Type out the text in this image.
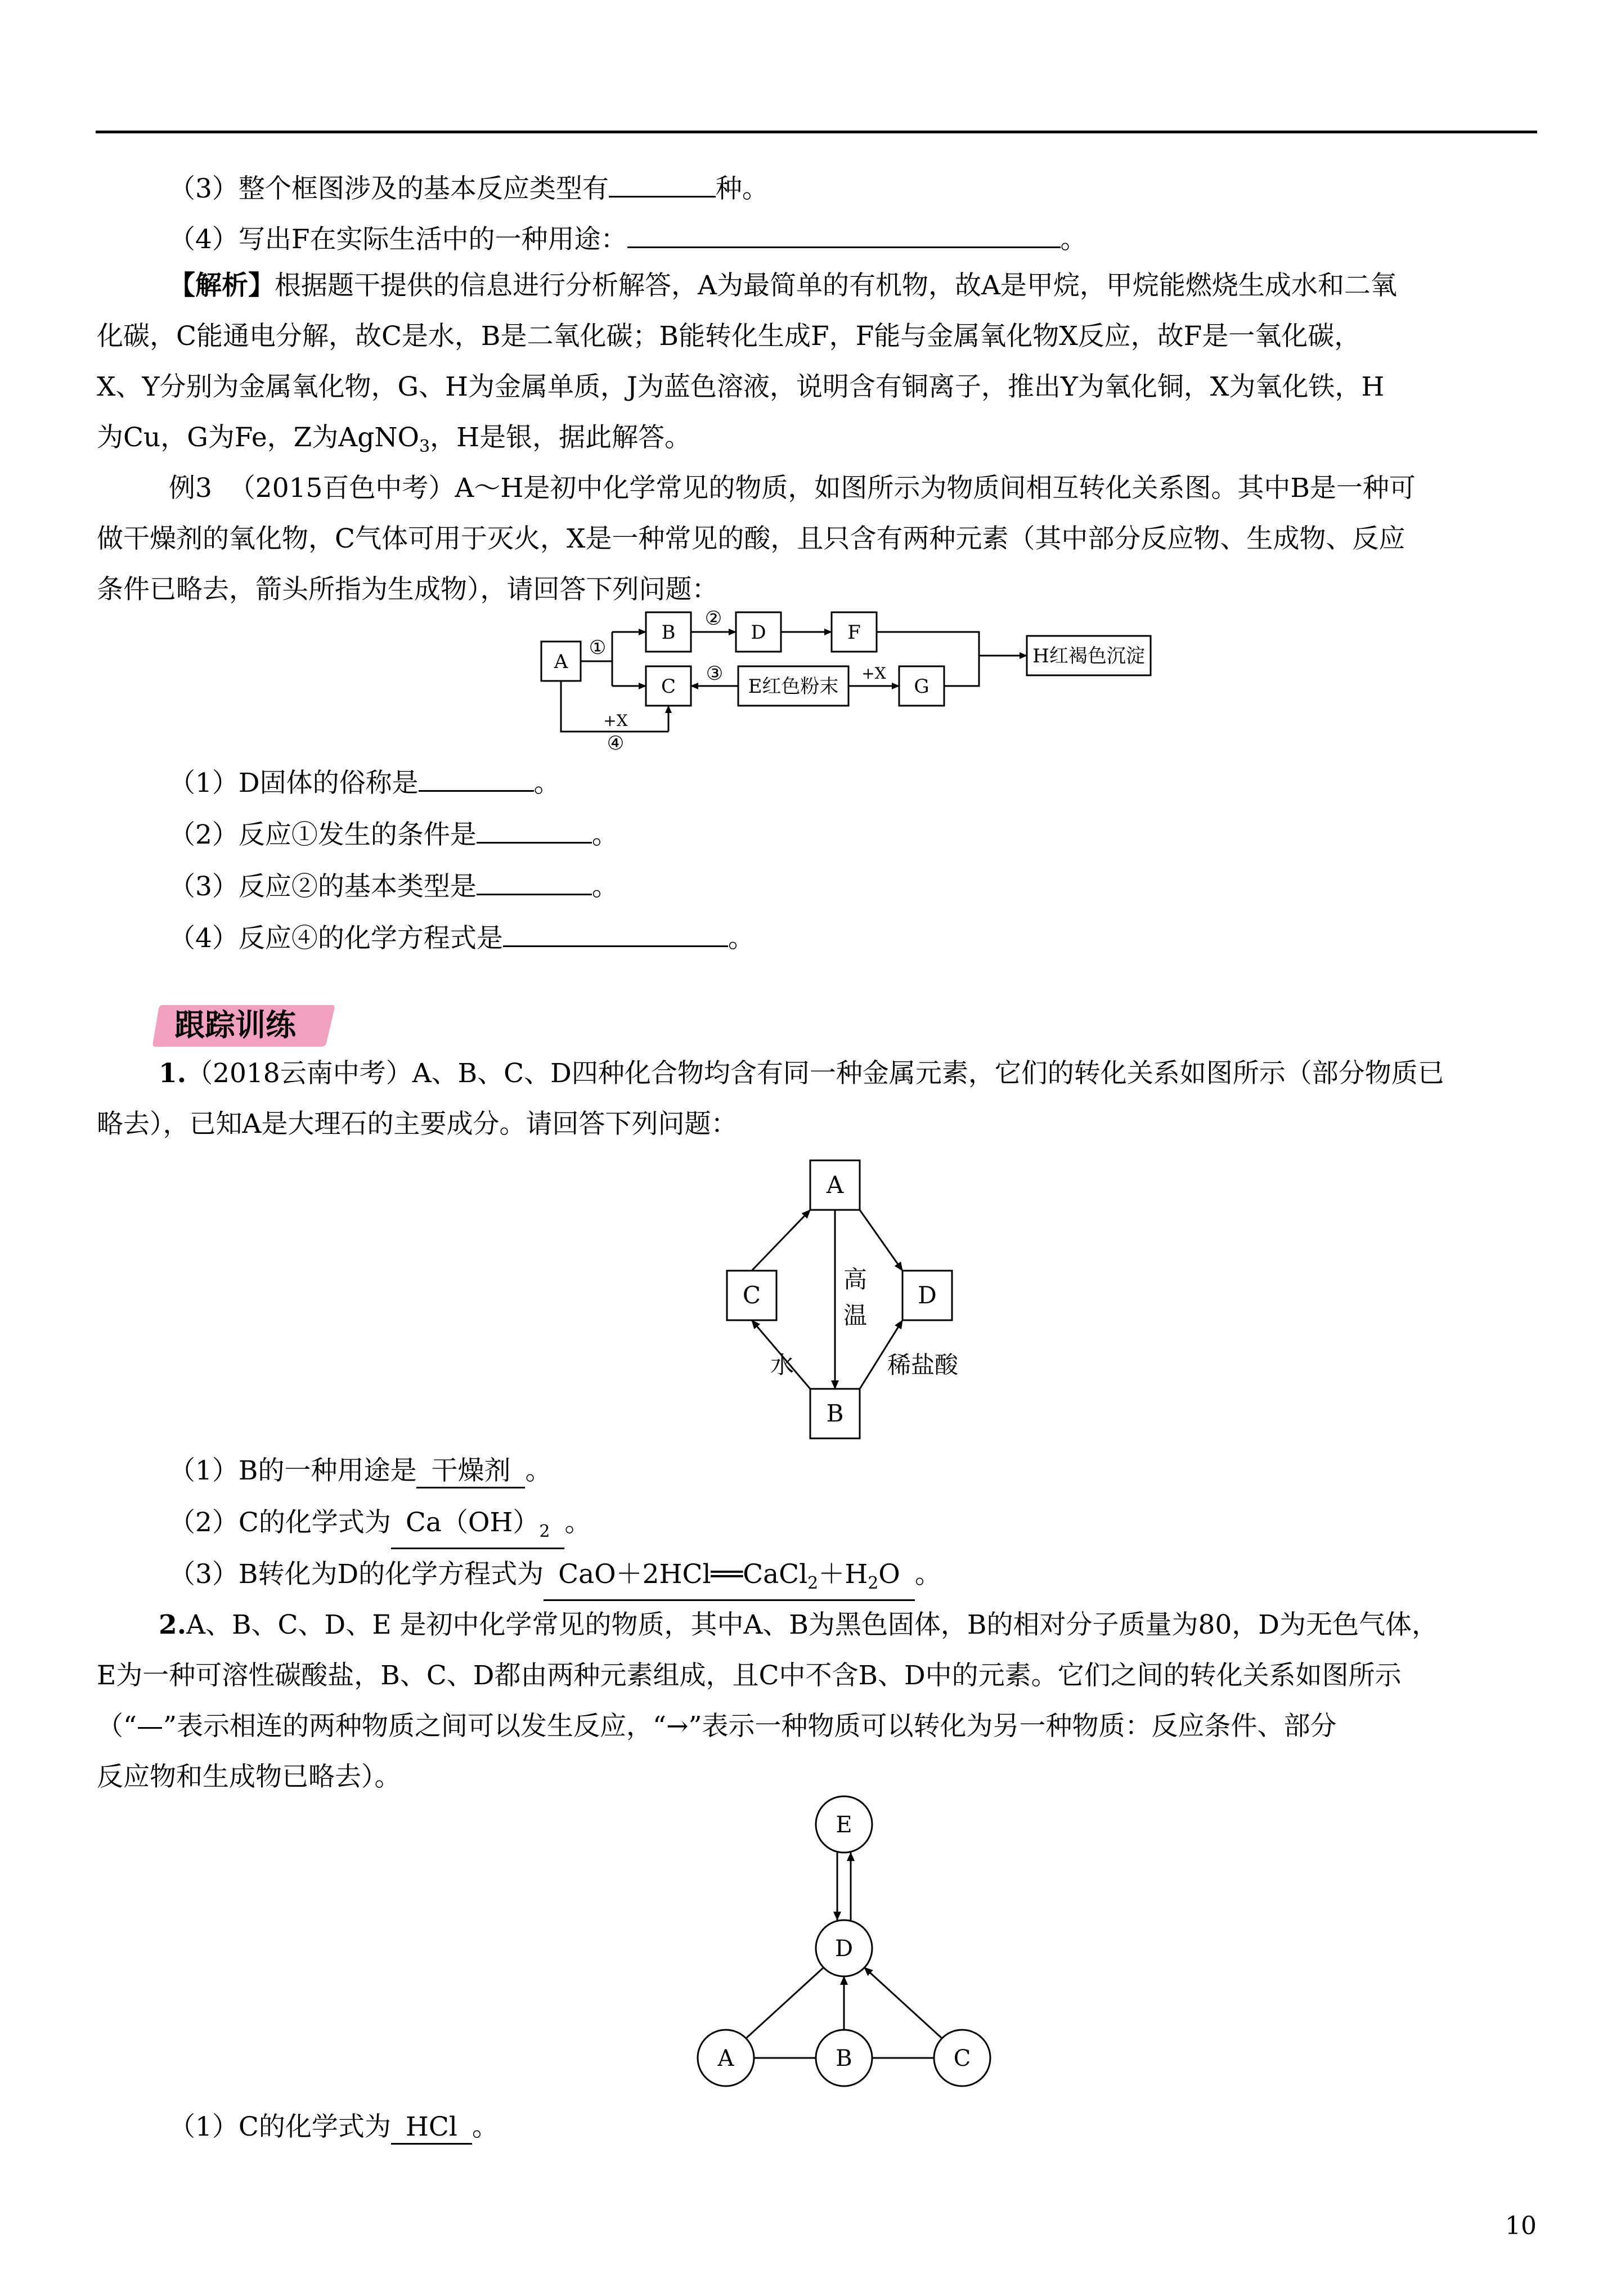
（3）整个框图涉及的基本反应类型有	种。
（4）写出F在实际生活中的一种用途：	。
【解析】根据题干提供的信息进行分析解答，A为最简单的有机物，故A是甲烷，甲烷能燃烧生成水和二氧
化碳，C能通电分解，故C是水，B是二氧化碳；B能转化生成F，F能与金属氧化物X反应，故F是一氧化碳，
X、Y分别为金属氧化物，G、H为金属单质，J为蓝色溶液，说明含有铜离子，推出Y为氧化铜，X为氧化铁，H
为Cu，G为Fe，Z为AgNO$_3$，H是银，据此解答。
例3 （2015百色中考）A～H是初中化学常见的物质，如图所示为物质间相互转化关系图。其中B是一种可
做干燥剂的氧化物，C气体可用于灭火，X是一种常见的酸，且只含有两种元素（其中部分反应物、生成物、反应
条件已略去，箭头所指为生成物），请回答下列问题：
A
B
C
D	F
E红色粉末	G
H红褐色沉淀
①
②
③	+X
+X
④
（1）D固体的俗称是	。
（2）反应①发生的条件是	。
（3）反应②的基本类型是	。
（4）反应④的化学方程式是	。
跟踪训练
1.（2018云南中考）A、B、C、D四种化合物均含有同一种金属元素，它们的转化关系如图所示（部分物质已
略去），已知A是大理石的主要成分。请回答下列问题：
A
B
C	D
高
温
水	稀盐酸
（1）B的一种用途是 干燥剂 。
（2）C的化学式为 $Ca(OH)_2$ 。
（3）B转化为D的化学方程式为 $CaO+2HCl══CaCl_2+H_2O$ 。
2.A、B、C、D、E 是初中化学常见的物质，其中A、B为黑色固体，B的相对分子质量为80，D为无色气体，
E为一种可溶性碳酸盐，B、C、D都由两种元素组成，且C中不含B、D中的元素。它们之间的转化关系如图所示
（“—”表示相连的两种物质之间可以发生反应，“→”表示一种物质可以转化为另一种物质：反应条件、部分
反应物和生成物已略去）。
E
D
A	B	C
（1）C的化学式为 HCl 。
10
